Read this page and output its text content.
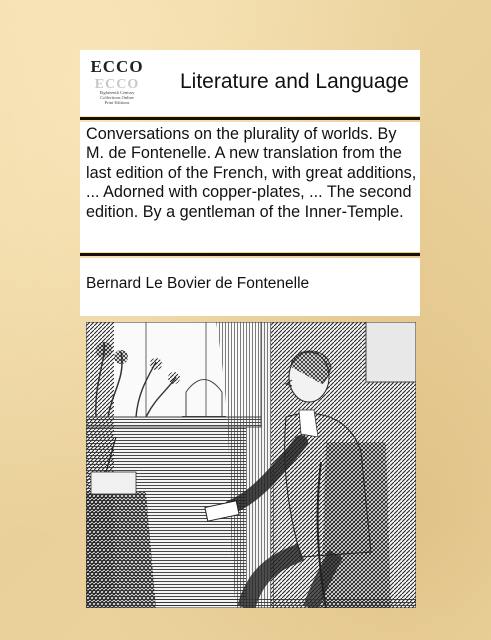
ECCO
ECCO
Eighteenth Century
Collections Online
Print Editions
Literature and Language
Conversations on the plurality of worlds. By M. de Fontenelle. A new translation from the last edition of the French, with great additions, ... Adorned with copper-plates, ... The second edition. By a gentleman of the Inner-Temple.
Bernard Le Bovier de Fontenelle
